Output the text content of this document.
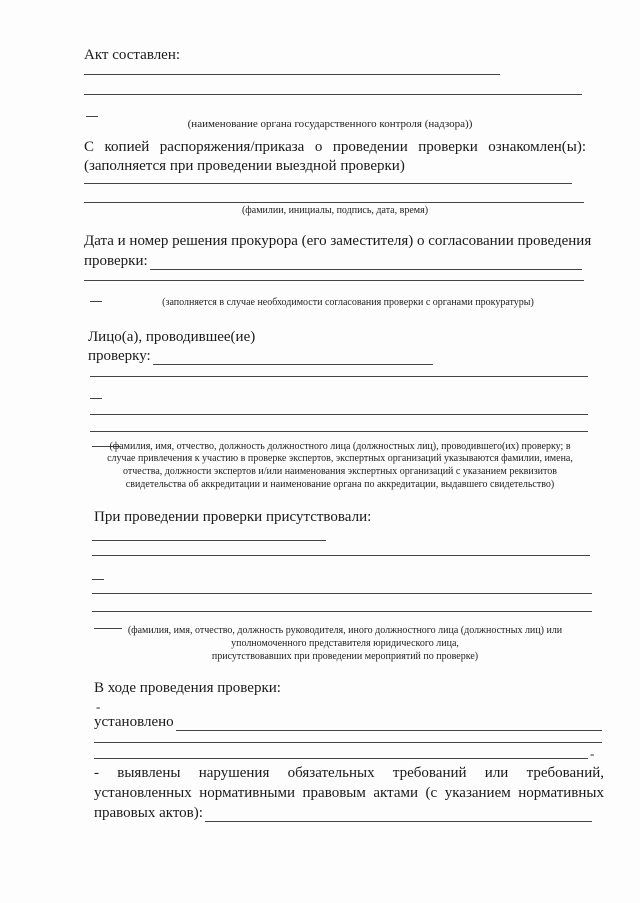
Акт составлен:
(наименование органа государственного контроля (надзора))
С копией распоряжения/приказа о проведении проверки ознакомлен(ы):
(заполняется при проведении выездной проверки)
(фамилии, инициалы, подпись, дата, время)
Дата и номер решения прокурора (его заместителя) о согласовании проведения
проверки:
(заполняется в случае необходимости согласования проверки с органами прокуратуры)
Лицо(а), проводившее(ие)
проверку:
(фамилия, имя, отчество, должность должностного лица (должностных лиц), проводившего(их) проверку; в
случае привлечения к участию в проверке экспертов, экспертных организаций указываются фамилии, имена,
отчества, должности экспертов и/или наименования экспертных организаций с указанием реквизитов
свидетельства об аккредитации и наименование органа по аккредитации, выдавшего свидетельство)
При проведении проверки присутствовали:
(фамилия, имя, отчество, должность руководителя, иного должностного лица (должностных лиц) или
уполномоченного представителя юридического лица,
присутствовавших при проведении мероприятий по проверке)
В ходе проведения проверки:
-
установлено
-
- выявлены нарушения обязательных требований или требований,
установленных нормативными правовым актами (с указанием нормативных
правовых актов):
